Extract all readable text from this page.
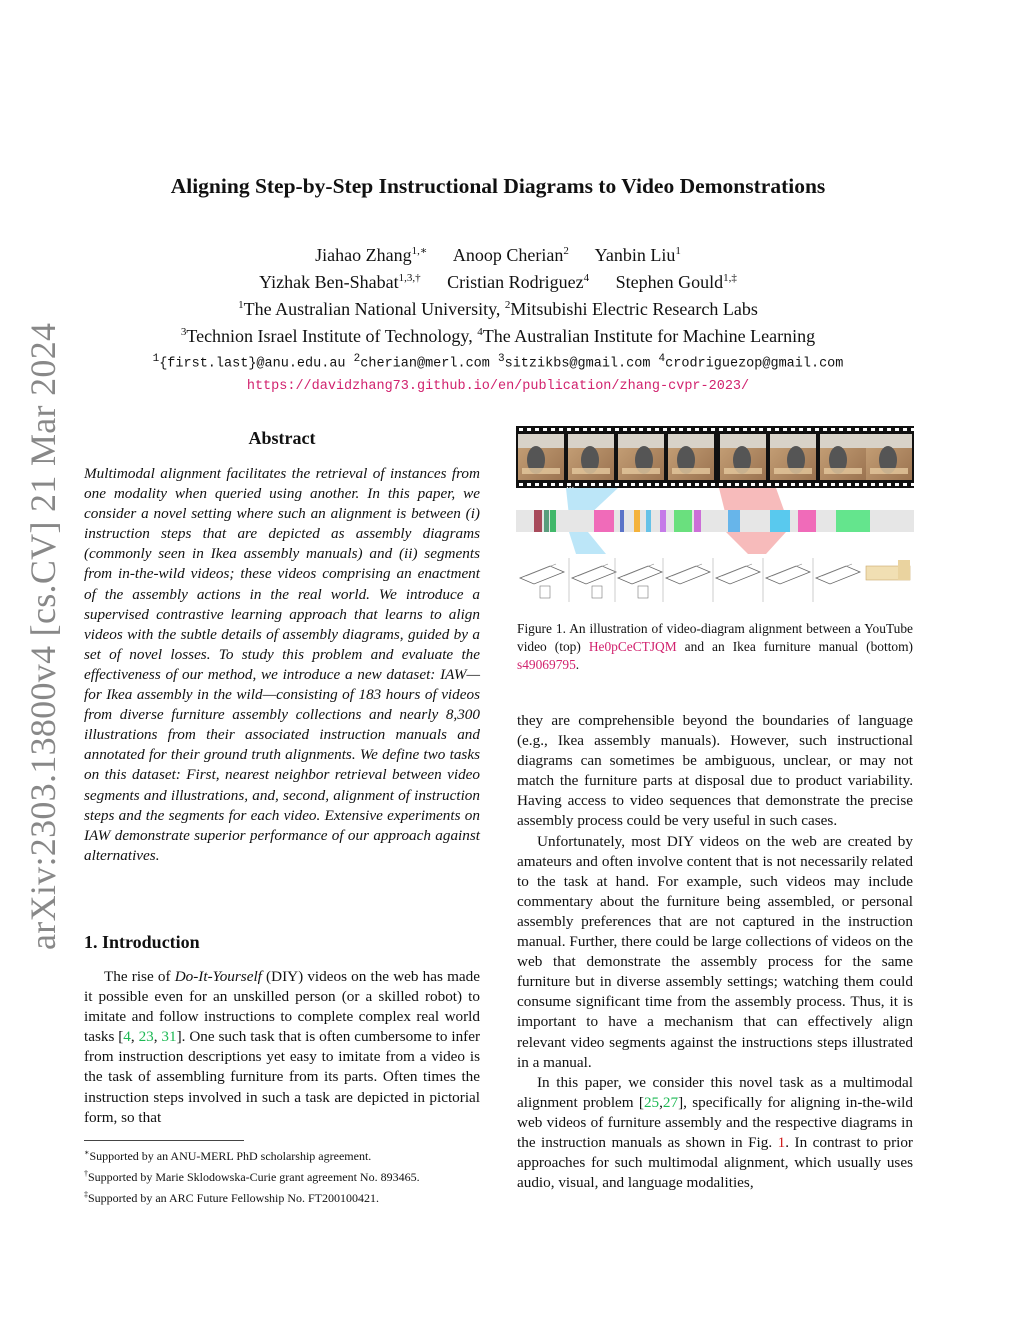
arXiv:2303.13800v4 [cs.CV] 21 Mar 2024
Aligning Step-by-Step Instructional Diagrams to Video Demonstrations
Jiahao Zhang$^{1,∗}$ Anoop Cherian$^2$ Yanbin Liu$^1$
Yizhak Ben-Shabat$^{1,3,\dagger}$ Cristian Rodriguez$^4$ Stephen Gould$^{1,\ddagger}$
$^1$The Australian National University, $^2$Mitsubishi Electric Research Labs
$^3$Technion Israel Institute of Technology, $^4$The Australian Institute for Machine Learning
$^1${first.last}@anu.edu.au $^2$cherian@merl.com $^3$sitzikbs@gmail.com $^4$crodriguezop@gmail.com
https://davidzhang73.github.io/en/publication/zhang-cvpr-2023/
Abstract
Multimodal alignment facilitates the retrieval of instances from one modality when queried using another. In this paper, we consider a novel setting where such an alignment is between (i) instruction steps that are depicted as assembly diagrams (commonly seen in Ikea assembly manuals) and (ii) segments from in-the-wild videos; these videos comprising an enactment of the assembly actions in the real world. We introduce a supervised contrastive learning approach that learns to align videos with the subtle details of assembly diagrams, guided by a set of novel losses. To study this problem and evaluate the effectiveness of our method, we introduce a new dataset: IAW—for Ikea assembly in the wild—consisting of 183 hours of videos from diverse furniture assembly collections and nearly 8,300 illustrations from their associated instruction manuals and annotated for their ground truth alignments. We define two tasks on this dataset: First, nearest neighbor retrieval between video segments and illustrations, and, second, alignment of instruction steps and the segments for each video. Extensive experiments on IAW demonstrate superior performance of our approach against alternatives.
1. Introduction

The rise of Do-It-Yourself (DIY) videos on the web has made it possible even for an unskilled person (or a skilled robot) to imitate and follow instructions to complete complex real world tasks [4, 23, 31]. One such task that is often cumbersome to infer from instruction descriptions yet easy to imitate from a video is the task of assembling furniture from its parts. Often times the instruction steps involved in such a task are depicted in pictorial form, so that

∗Supported by an ANU-MERL PhD scholarship agreement.
†Supported by Marie Sklodowska-Curie grant agreement No. 893465.
‡Supported by an ARC Future Fellowship No. FT200100421.
...
Figure 1. An illustration of video-diagram alignment between a YouTube video (top) He0pCeCTJQM and an Ikea furniture manual (bottom) s49069795.

they are comprehensible beyond the boundaries of language (e.g., Ikea assembly manuals). However, such instructional diagrams can sometimes be ambiguous, unclear, or may not match the furniture parts at disposal due to product variability. Having access to video sequences that demonstrate the precise assembly process could be very useful in such cases.

Unfortunately, most DIY videos on the web are created by amateurs and often involve content that is not necessarily related to the task at hand. For example, such videos may include commentary about the furniture being assembled, or personal assembly preferences that are not captured in the instruction manual. Further, there could be large collections of videos on the web that demonstrate the assembly process for the same furniture but in diverse assembly settings; watching them could consume significant time from the assembly process. Thus, it is important to have a mechanism that can effectively align relevant video segments against the instructions steps illustrated in a manual.

In this paper, we consider this novel task as a multimodal alignment problem [25,27], specifically for aligning in-the-wild web videos of furniture assembly and the respective diagrams in the instruction manuals as shown in Fig. 1. In contrast to prior approaches for such multimodal alignment, which usually uses audio, visual, and language modalities,
